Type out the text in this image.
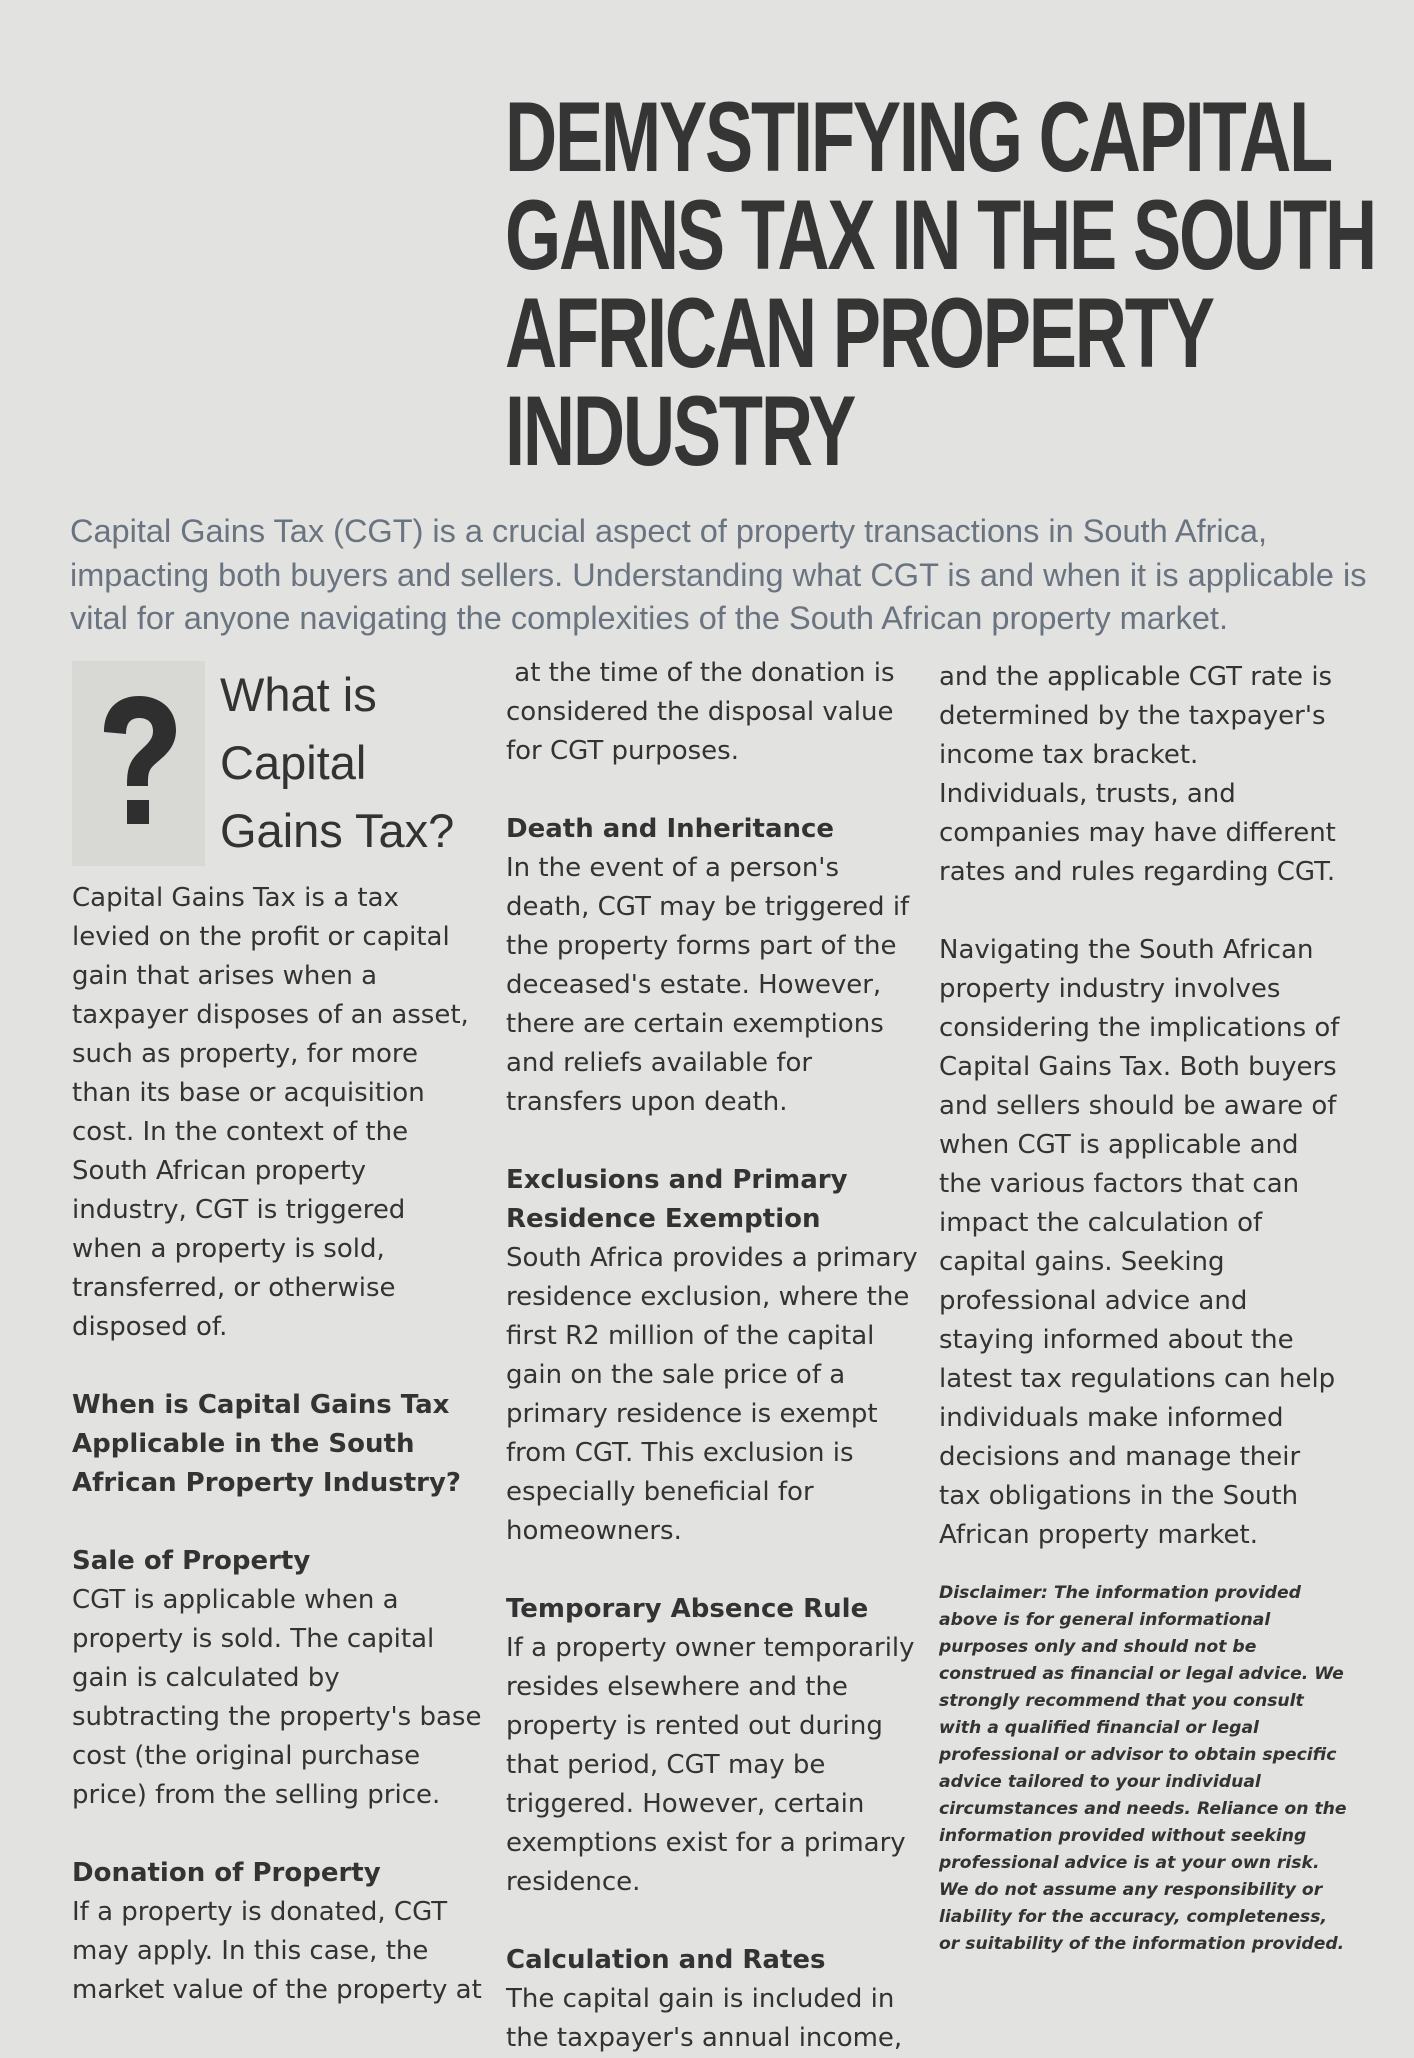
DEMYSTIFYING CAPITAL
GAINS TAX IN THE SOUTH
AFRICAN PROPERTY
INDUSTRY

Capital Gains Tax (CGT) is a crucial aspect of property transactions in South Africa, impacting both buyers and sellers. Understanding what CGT is and when it is applicable is vital for anyone navigating the complexities of the South African property market.

What is
Capital
Gains Tax?

Capital Gains Tax is a tax levied on the profit or capital gain that arises when a taxpayer disposes of an asset, such as property, for more than its base or acquisition cost. In the context of the South African property industry, CGT is triggered when a property is sold, transferred, or otherwise disposed of.

When is Capital Gains Tax Applicable in the South African Property Industry?

Sale of Property

CGT is applicable when a property is sold. The capital gain is calculated by subtracting the property's base cost (the original purchase price) from the selling price.

Donation of Property

If a property is donated, CGT may apply. In this case, the market value of the property at

at the time of the donation is considered the disposal value for CGT purposes.

Death and Inheritance

In the event of a person's death, CGT may be triggered if the property forms part of the deceased's estate. However, there are certain exemptions and reliefs available for transfers upon death.

Exclusions and Primary Residence Exemption

South Africa provides a primary residence exclusion, where the first R2 million of the capital gain on the sale price of a primary residence is exempt from CGT. This exclusion is especially beneficial for homeowners.

Temporary Absence Rule

If a property owner temporarily resides elsewhere and the property is rented out during that period, CGT may be triggered. However, certain exemptions exist for a primary residence.

Calculation and Rates

The capital gain is included in the taxpayer's annual income,

and the applicable CGT rate is determined by the taxpayer's income tax bracket. Individuals, trusts, and companies may have different rates and rules regarding CGT.

Navigating the South African property industry involves considering the implications of Capital Gains Tax. Both buyers and sellers should be aware of when CGT is applicable and the various factors that can impact the calculation of capital gains. Seeking professional advice and staying informed about the latest tax regulations can help individuals make informed decisions and manage their tax obligations in the South African property market.

Disclaimer: The information provided above is for general informational purposes only and should not be construed as financial or legal advice. We strongly recommend that you consult with a qualified financial or legal professional or advisor to obtain specific advice tailored to your individual circumstances and needs. Reliance on the information provided without seeking professional advice is at your own risk. We do not assume any responsibility or liability for the accuracy, completeness, or suitability of the information provided.
